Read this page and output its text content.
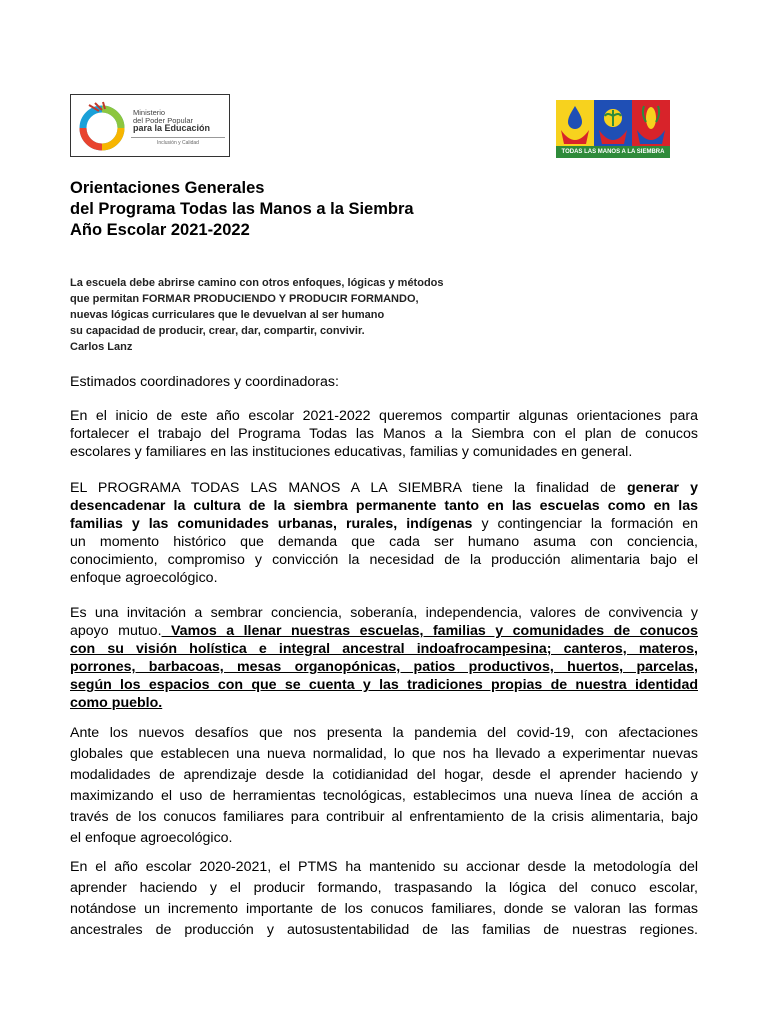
Ministerio
del Poder Popular
para la Educación
Inclusión y Calidad
TODAS LAS MANOS A LA SIEMBRA
Orientaciones Generales
del Programa Todas las Manos a la Siembra
Año Escolar 2021-2022
La escuela debe abrirse camino con otros enfoques, lógicas y métodos
que permitan FORMAR PRODUCIENDO Y PRODUCIR FORMANDO,
nuevas lógicas curriculares que le devuelvan al ser humano
su capacidad de producir, crear, dar, compartir, convivir.
Carlos Lanz
Estimados coordinadores y coordinadoras:
En el inicio de este año escolar 2021-2022 queremos compartir algunas orientaciones para
fortalecer el trabajo del Programa Todas las Manos a la Siembra con el plan de conucos
escolares y familiares en las instituciones educativas, familias y comunidades en general.
EL PROGRAMA TODAS LAS MANOS A LA SIEMBRA tiene la finalidad de generar y
desencadenar la cultura de la siembra permanente tanto en las escuelas como en las
familias y las comunidades urbanas, rurales, indígenas y contingenciar la formación en
un momento histórico que demanda que cada ser humano asuma con conciencia,
conocimiento, compromiso y convicción la necesidad de la producción alimentaria bajo el
enfoque agroecológico.
Es una invitación a sembrar conciencia, soberanía, independencia, valores de convivencia y
apoyo mutuo. Vamos a llenar nuestras escuelas, familias y comunidades de conucos
con su visión holística e integral ancestral indoafrocampesina; canteros, materos,
porrones, barbacoas, mesas organopónicas, patios productivos, huertos, parcelas,
según los espacios con que se cuenta y las tradiciones propias de nuestra identidad
como pueblo.
Ante los nuevos desafíos que nos presenta la pandemia del covid-19, con afectaciones
globales que establecen una nueva normalidad, lo que nos ha llevado a experimentar nuevas
modalidades de aprendizaje desde la cotidianidad del hogar, desde el aprender haciendo y
maximizando el uso de herramientas tecnológicas, establecimos una nueva línea de acción a
través de los conucos familiares para contribuir al enfrentamiento de la crisis alimentaria, bajo
el enfoque agroecológico.
En el año escolar 2020-2021, el PTMS ha mantenido su accionar desde la metodología del
aprender haciendo y el producir formando, traspasando la lógica del conuco escolar,
notándose un incremento importante de los conucos familiares, donde se valoran las formas
ancestrales de producción y autosustentabilidad de las familias de nuestras regiones.
